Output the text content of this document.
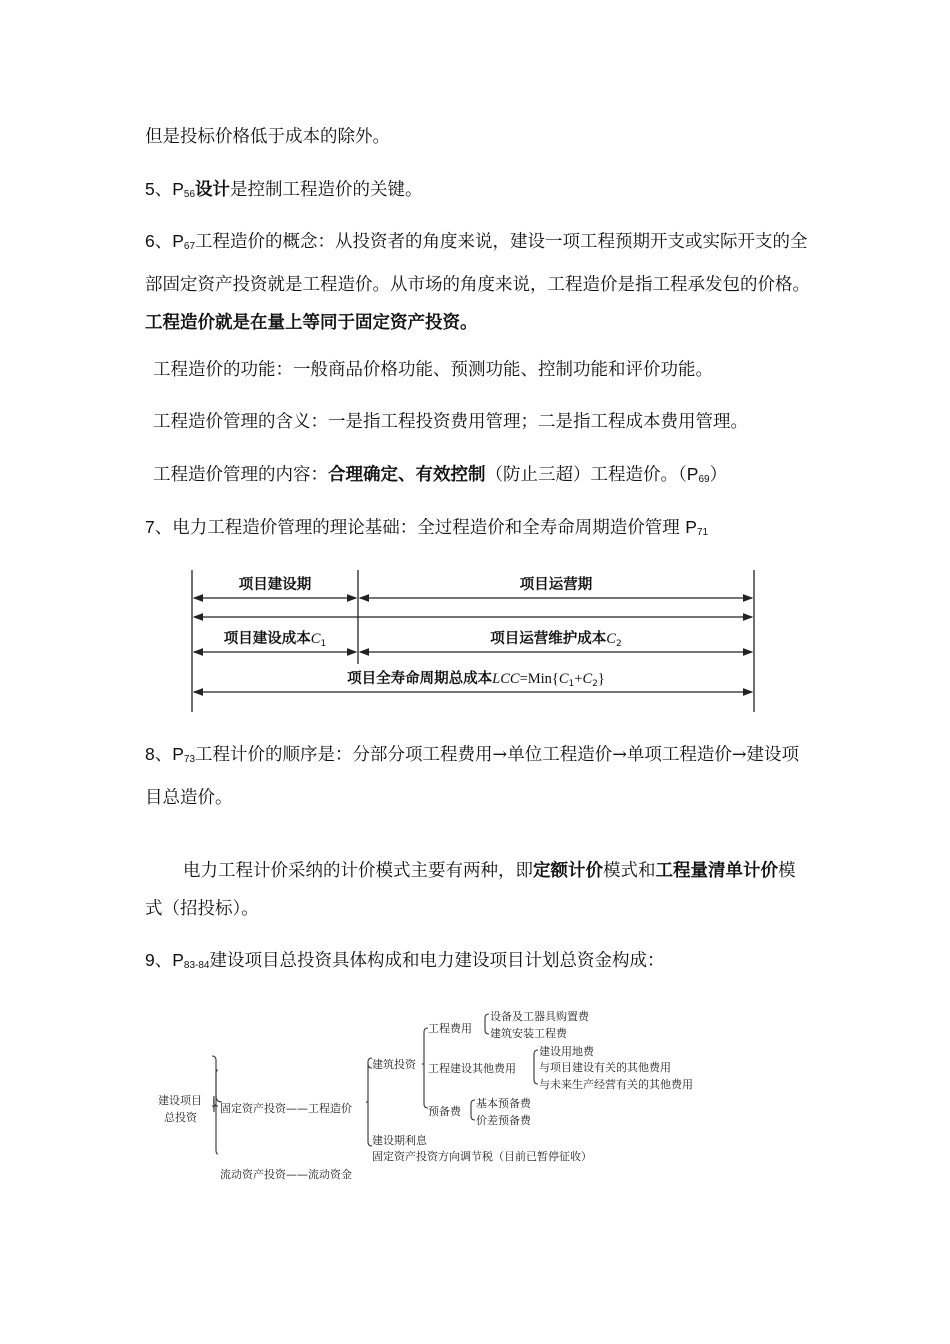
但是投标价格低于成本的除外。

5、$P_{56}$设计是控制工程造价的关键。

6、$P_{67}$工程造价的概念：从投资者的角度来说，建设一项工程预期开支或实际开支的全部固定资产投资就是工程造价。从市场的角度来说，工程造价是指工程承发包的价格。工程造价就是在量上等同于固定资产投资。

工程造价的功能：一般商品价格功能、预测功能、控制功能和评价功能。

工程造价管理的含义：一是指工程投资费用管理；二是指工程成本费用管理。

工程造价管理的内容：合理确定、有效控制（防止三超）工程造价。$(P_{69})$

7、电力工程造价管理的理论基础：全过程造价和全寿命周期造价管理 $P_{71}$

项目建设期	项目运营期
项目建设成本$C_1$	项目运营维护成本$C_2$
项目全寿命周期总成本$LCC=Min\{C_1+C_2\}$

8、$P_{73}$工程计价的顺序是：分部分项工程费用→单位工程造价→单项工程造价→建设项目总造价。

电力工程计价采纳的计价模式主要有两种，即定额计价模式和工程量清单计价模式（招投标）。

9、$P_{83-84}$建设项目总投资具体构成和电力建设项目计划总资金构成：

建设项目
总投资
固定资产投资——工程造价
流动资产投资——流动资金
建筑投资
建设期利息
固定资产投资方向调节税（目前已暂停征收）
工程费用
工程建设其他费用
预备费
设备及工器具购置费
建筑安装工程费
建设用地费
与项目建设有关的其他费用
与未来生产经营有关的其他费用
基本预备费
价差预备费
